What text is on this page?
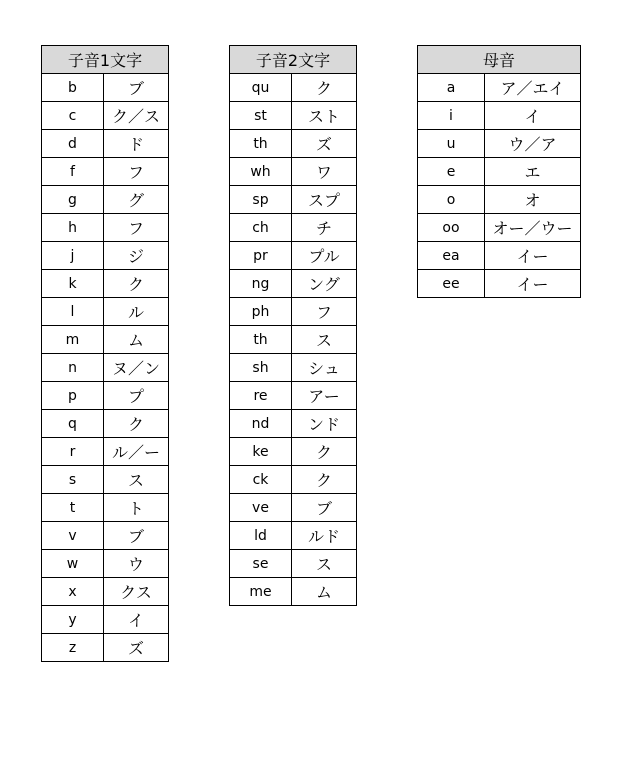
子音1文字	
b	ブ
c	ク／ス
d	ド
f	フ
g	グ
h	フ
j	ジ
k	ク
l	ル
m	ム
n	ヌ／ン
p	プ
q	ク
r	ル／ー
s	ス
t	ト
v	ブ
w	ウ
x	クス
y	イ
z	ズ
子音2文字	
qu	ク
st	スト
th	ズ
wh	ワ
sp	スプ
ch	チ
pr	プル
ng	ング
ph	フ
th	ス
sh	シュ
re	アー
nd	ンド
ke	ク
ck	ク
ve	ブ
ld	ルド
se	ス
me	ム
母音	
a	ア／エイ
i	イ
u	ウ／ア
e	エ
o	オ
oo	オー／ウー
ea	イー
ee	イー
